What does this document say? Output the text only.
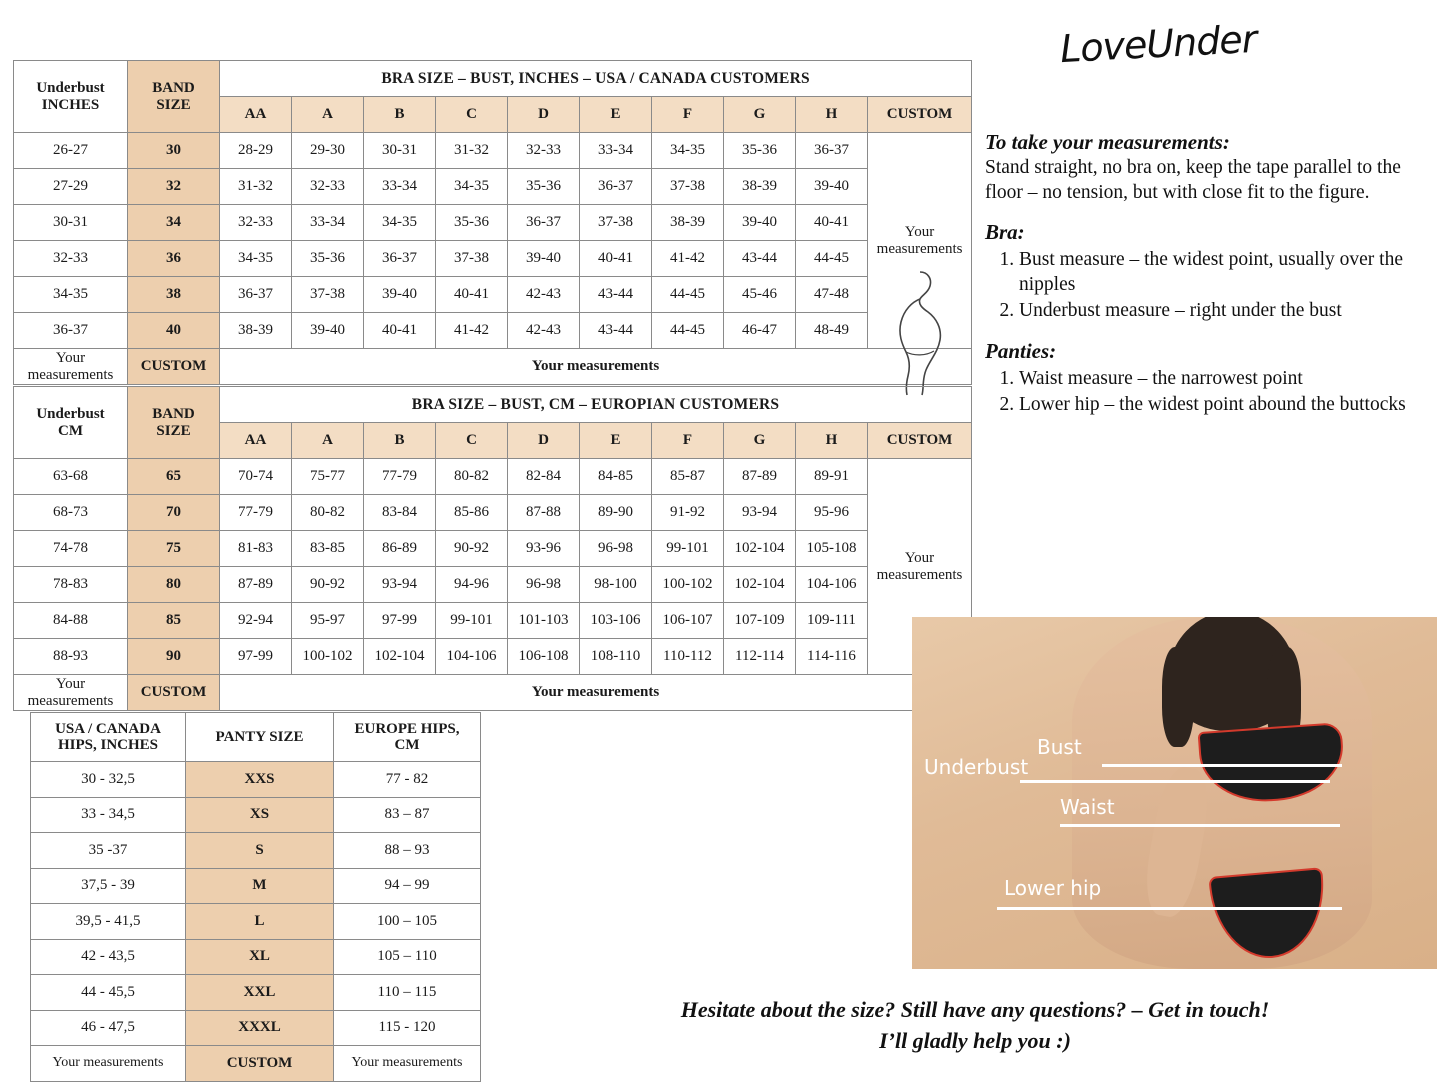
LoveUnder
Underbust
INCHES

BAND
SIZE
	BRA SIZE – BUST, INCHES – USA / CANADA CUSTOMERS
		AA	A	B	C	D	E	F	G	H	CUSTOM
26-27	30	28-29	29-30	30-31	31-32	32-33	33-34	34-35	35-36	36-37	Your
measurements

27-29	32	31-32	32-33	33-34	34-35	35-36	36-37	37-38	38-39	39-40	
30-31	34	32-33	33-34	34-35	35-36	36-37	37-38	38-39	39-40	40-41	
32-33	36	34-35	35-36	36-37	37-38	39-40	40-41	41-42	43-44	44-45	
34-35	38	36-37	37-38	39-40	40-41	42-43	43-44	44-45	45-46	47-48	
36-37	40	38-39	39-40	40-41	41-42	42-43	43-44	44-45	46-47	48-49	

Your
measurements	CUSTOM	Your measurements									
Underbust
CM

BAND
SIZE
	BRA SIZE – BUST, CM – EUROPIAN CUSTOMERS
		AA	A	B	C	D	E	F	G	H	CUSTOM
63-68	65	70-74	75-77	77-79	80-82	82-84	84-85	85-87	87-89	89-91	Your
measurements

68-73	70	77-79	80-82	83-84	85-86	87-88	89-90	91-92	93-94	95-96	
74-78	75	81-83	83-85	86-89	90-92	93-96	96-98	99-101	102-104	105-108	
78-83	80	87-89	90-92	93-94	94-96	96-98	98-100	100-102	102-104	104-106	
84-88	85	92-94	95-97	97-99	99-101	101-103	103-106	106-107	107-109	109-111	
88-93	90	97-99	100-102	102-104	104-106	106-108	108-110	110-112	112-114	114-116	

Your
measurements	CUSTOM	Your measurements									
USA / CANADA
HIPS, INCHES
	PANTY SIZE	EUROPE HIPS,
CM

30 - 32,5	XXS	77 - 82
33 - 34,5	XS	83 – 87
35 -37	S	88 – 93
37,5 - 39	M	94 – 99
39,5 - 41,5	L	100 – 105
42 - 43,5	XL	105 – 110
44 - 45,5	XXL	110 – 115
46 - 47,5	XXXL	115 - 120
Your measurements	CUSTOM	Your measurements
To take your measurements:
Stand straight, no bra on, keep the tape parallel to the floor – no tension, but with close fit to the figure.
Bra:
1. Bust measure – the widest point, usually over the nipples
2. Underbust measure – right under the bust
Panties:
1. Waist measure – the narrowest point
2. Lower hip – the widest point abound the buttocks
Underbust
Bust
Waist
Lower hip
Hesitate about the size? Still have any questions? – Get in touch!
I’ll gladly help you :)
